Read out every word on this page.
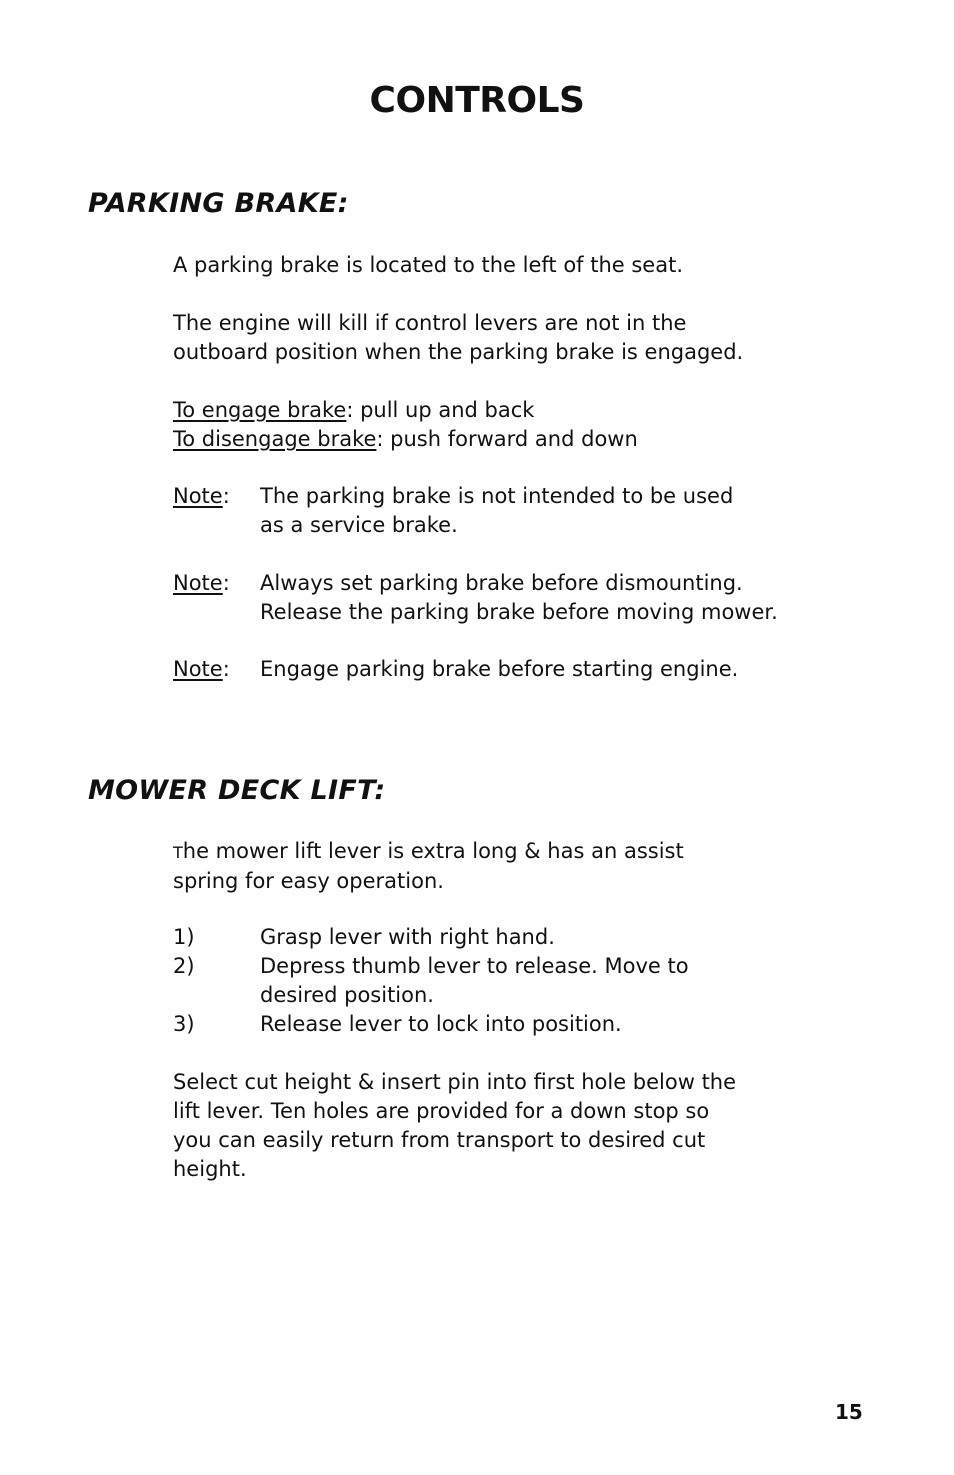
CONTROLS
PARKING BRAKE:

A parking brake is located to the left of the seat.

The engine will kill if control levers are not in the
outboard position when the parking brake is engaged.
To engage brake: pull up and back
To disengage brake: push forward and down
Note: The parking brake is not intended to be used
as a service brake.
Note: Always set parking brake before dismounting.
Release the parking brake before moving mower.
Note: Engage parking brake before starting engine.
MOWER DECK LIFT:
The mower lift lever is extra long & has an assist
spring for easy operation.
1)	Grasp lever with right hand.
2)	Depress thumb lever to release. Move to
desired position.
3)	Release lever to lock into position.
Select cut height & insert pin into first hole below the
lift lever. Ten holes are provided for a down stop so
you can easily return from transport to desired cut
height.
15
